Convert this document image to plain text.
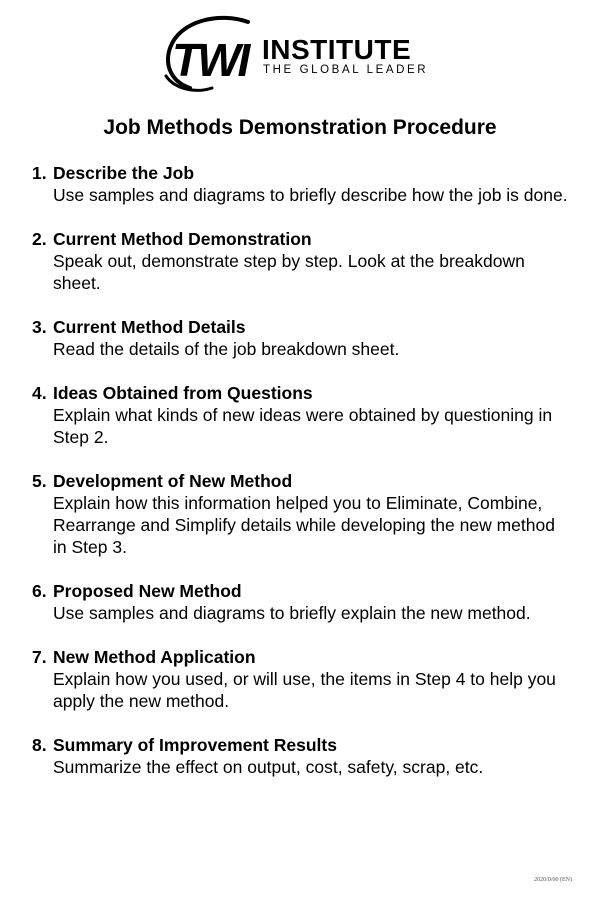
TWI INSTITUTE
THE GLOBAL LEADER
Job Methods Demonstration Procedure
1. Describe the Job
Use samples and diagrams to briefly describe how the job is done.
2. Current Method Demonstration
Speak out, demonstrate step by step. Look at the breakdown sheet.
3. Current Method Details
Read the details of the job breakdown sheet.
4. Ideas Obtained from Questions
Explain what kinds of new ideas were obtained by questioning in Step 2.
5. Development of New Method
Explain how this information helped you to Eliminate, Combine, Rearrange and Simplify details while developing the new method in Step 3.
6. Proposed New Method
Use samples and diagrams to briefly explain the new method.
7. New Method Application
Explain how you used, or will use, the items in Step 4 to help you apply the new method.
8. Summary of Improvement Results
Summarize the effect on output, cost, safety, scrap, etc.
2020/0/00 (EN)
